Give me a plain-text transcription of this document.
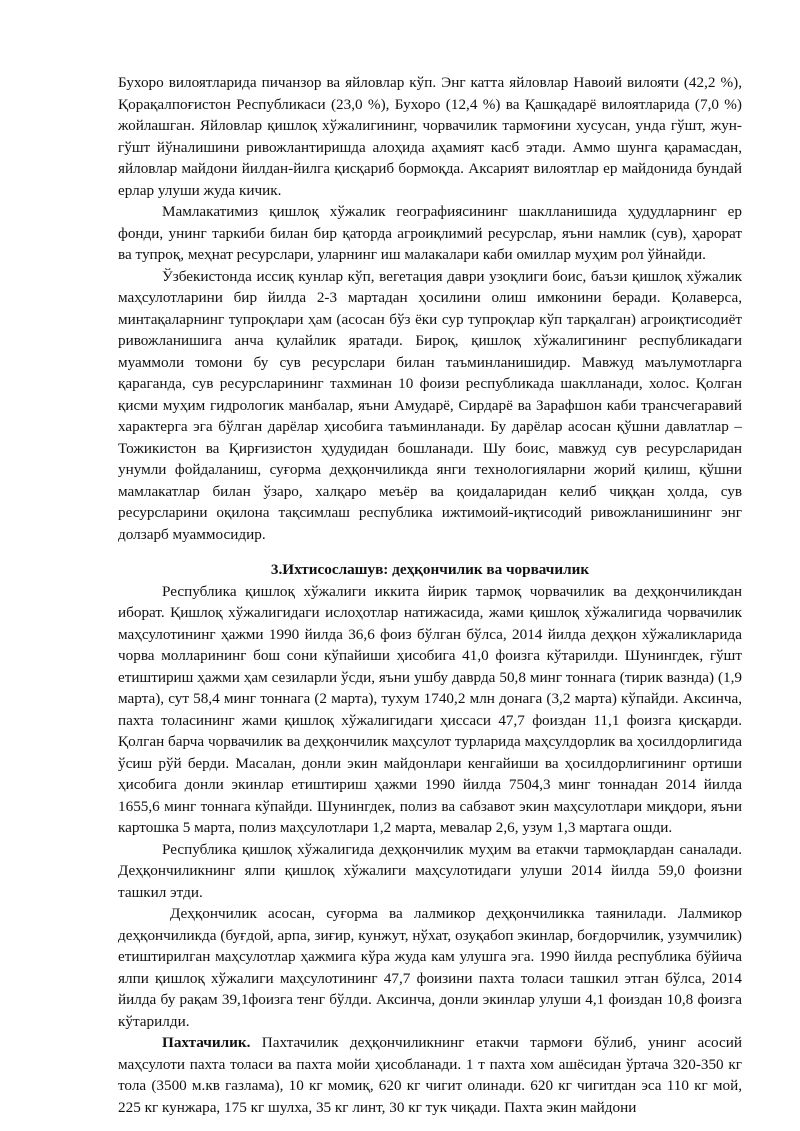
Бухоро вилоятларида пичанзор ва яйловлар кўп. Энг катта яйловлар Навоий вилояти (42,2 %), Қорақалпоғистон Республикаси (23,0 %), Бухоро (12,4 %) ва Қашқадарё вилоятларида (7,0 %) жойлашган. Яйловлар қишлоқ хўжалигининг, чорвачилик тармоғини хусусан, унда гўшт, жун-гўшт йўналишини ривожлантиришда алоҳида аҳамият касб этади. Аммо шунга қарамасдан, яйловлар майдони йилдан-йилга қисқариб бормоқда. Аксарият вилоятлар ер майдонида бундай ерлар улуши жуда кичик.

Мамлакатимиз қишлоқ хўжалик географиясининг шаклланишида ҳудудларнинг ер фонди, унинг таркиби билан бир қаторда агроиқлимий ресурслар, яъни намлик (сув), ҳарорат ва тупроқ, меҳнат ресурслари, уларнинг иш малакалари каби омиллар муҳим рол ўйнайди.

Ўзбекистонда иссиқ кунлар кўп, вегетация даври узоқлиги боис, баъзи қишлоқ хўжалик маҳсулотларини бир йилда 2-3 мартадан ҳосилини олиш имконини беради. Қолаверса, минтақаларнинг тупроқлари ҳам (асосан бўз ёки сур тупроқлар кўп тарқалган) агроиқтисодиёт ривожланишига анча қулайлик яратади. Бироқ, қишлоқ хўжалигининг республикадаги муаммоли томони бу сув ресурслари билан таъминланишидир. Мавжуд маълумотларга қараганда, сув ресурсларининг тахминан 10 фоизи республикада шаклланади, холос. Қолган қисми муҳим гидрологик манбалар, яъни Амударё, Сирдарё ва Зарафшон каби трансчегаравий характерга эга бўлган дарёлар ҳисобига таъминланади. Бу дарёлар асосан қўшни давлатлар – Тожикистон ва Қирғизистон ҳудудидан бошланади. Шу боис, мавжуд сув ресурсларидан унумли фойдаланиш, суғорма деҳқончиликда янги технологияларни жорий қилиш, қўшни мамлакатлар билан ўзаро, халқаро меъёр ва қоидаларидан келиб чиққан ҳолда, сув ресурсларини оқилона тақсимлаш республика ижтимоий-иқтисодий ривожланишининг энг долзарб муаммосидир.

3.Ихтисослашув: деҳқончилик ва чорвачилик

Республика қишлоқ хўжалиги иккита йирик тармоқ чорвачилик ва деҳқончиликдан иборат. Қишлоқ хўжалигидаги ислоҳотлар натижасида, жами қишлоқ хўжалигида чорвачилик маҳсулотининг ҳажми 1990 йилда 36,6 фоиз бўлган бўлса, 2014 йилда деҳқон хўжаликларида чорва молларининг бош сони кўпайиши ҳисобига 41,0 фоизга кўтарилди. Шунингдек, гўшт етиштириш ҳажми ҳам сезиларли ўсди, яъни ушбу даврда 50,8 минг тоннага (тирик вазнда) (1,9 марта), сут 58,4 минг тоннага (2 марта), тухум 1740,2 млн донага (3,2 марта) кўпайди. Аксинча, пахта толасининг жами қишлоқ хўжалигидаги ҳиссаси 47,7 фоиздан 11,1 фоизга қисқарди. Қолган барча чорвачилик ва деҳқончилик маҳсулот турларида маҳсулдорлик ва ҳосилдорлигида ўсиш рўй берди. Масалан, донли экин майдонлари кенгайиши ва ҳосилдорлигининг ортиши ҳисобига донли экинлар етиштириш ҳажми 1990 йилда 7504,3 минг тоннадан 2014 йилда 1655,6 минг тоннага кўпайди. Шунингдек, полиз ва сабзавот экин маҳсулотлари миқдори, яъни картошка 5 марта, полиз маҳсулотлари 1,2 марта, мевалар 2,6, узум 1,3 мартага ошди.

Республика қишлоқ хўжалигида деҳқончилик муҳим ва етакчи тармоқлардан саналади. Деҳқончиликнинг ялпи қишлоқ хўжалиги маҳсулотидаги улуши 2014 йилда 59,0 фоизни ташкил этди.

Деҳқончилик асосан, суғорма ва лалмикор деҳқончиликка таянилади. Лалмикор деҳқончиликда (буғдой, арпа, зиғир, кунжут, нўхат, озуқабоп экинлар, боғдорчилик, узумчилик) етиштирилган маҳсулотлар ҳажмига кўра жуда кам улушга эга. 1990 йилда республика бўйича ялпи қишлоқ хўжалиги маҳсулотининг 47,7 фоизини пахта толаси ташкил этган бўлса, 2014 йилда бу рақам 39,1фоизга тенг бўлди. Аксинча, донли экинлар улуши 4,1 фоиздан 10,8 фоизга кўтарилди.

Пахтачилик. Пахтачилик деҳқончиликнинг етакчи тармоғи бўлиб, унинг асосий маҳсулоти пахта толаси ва пахта мойи ҳисобланади. 1 т пахта хом ашёсидан ўртача 320-350 кг тола (3500 м.кв газлама), 10 кг момиқ, 620 кг чигит олинади. 620 кг чигитдан эса 110 кг мой, 225 кг кунжара, 175 кг шулха, 35 кг линт, 30 кг тук чиқади. Пахта экин майдони
